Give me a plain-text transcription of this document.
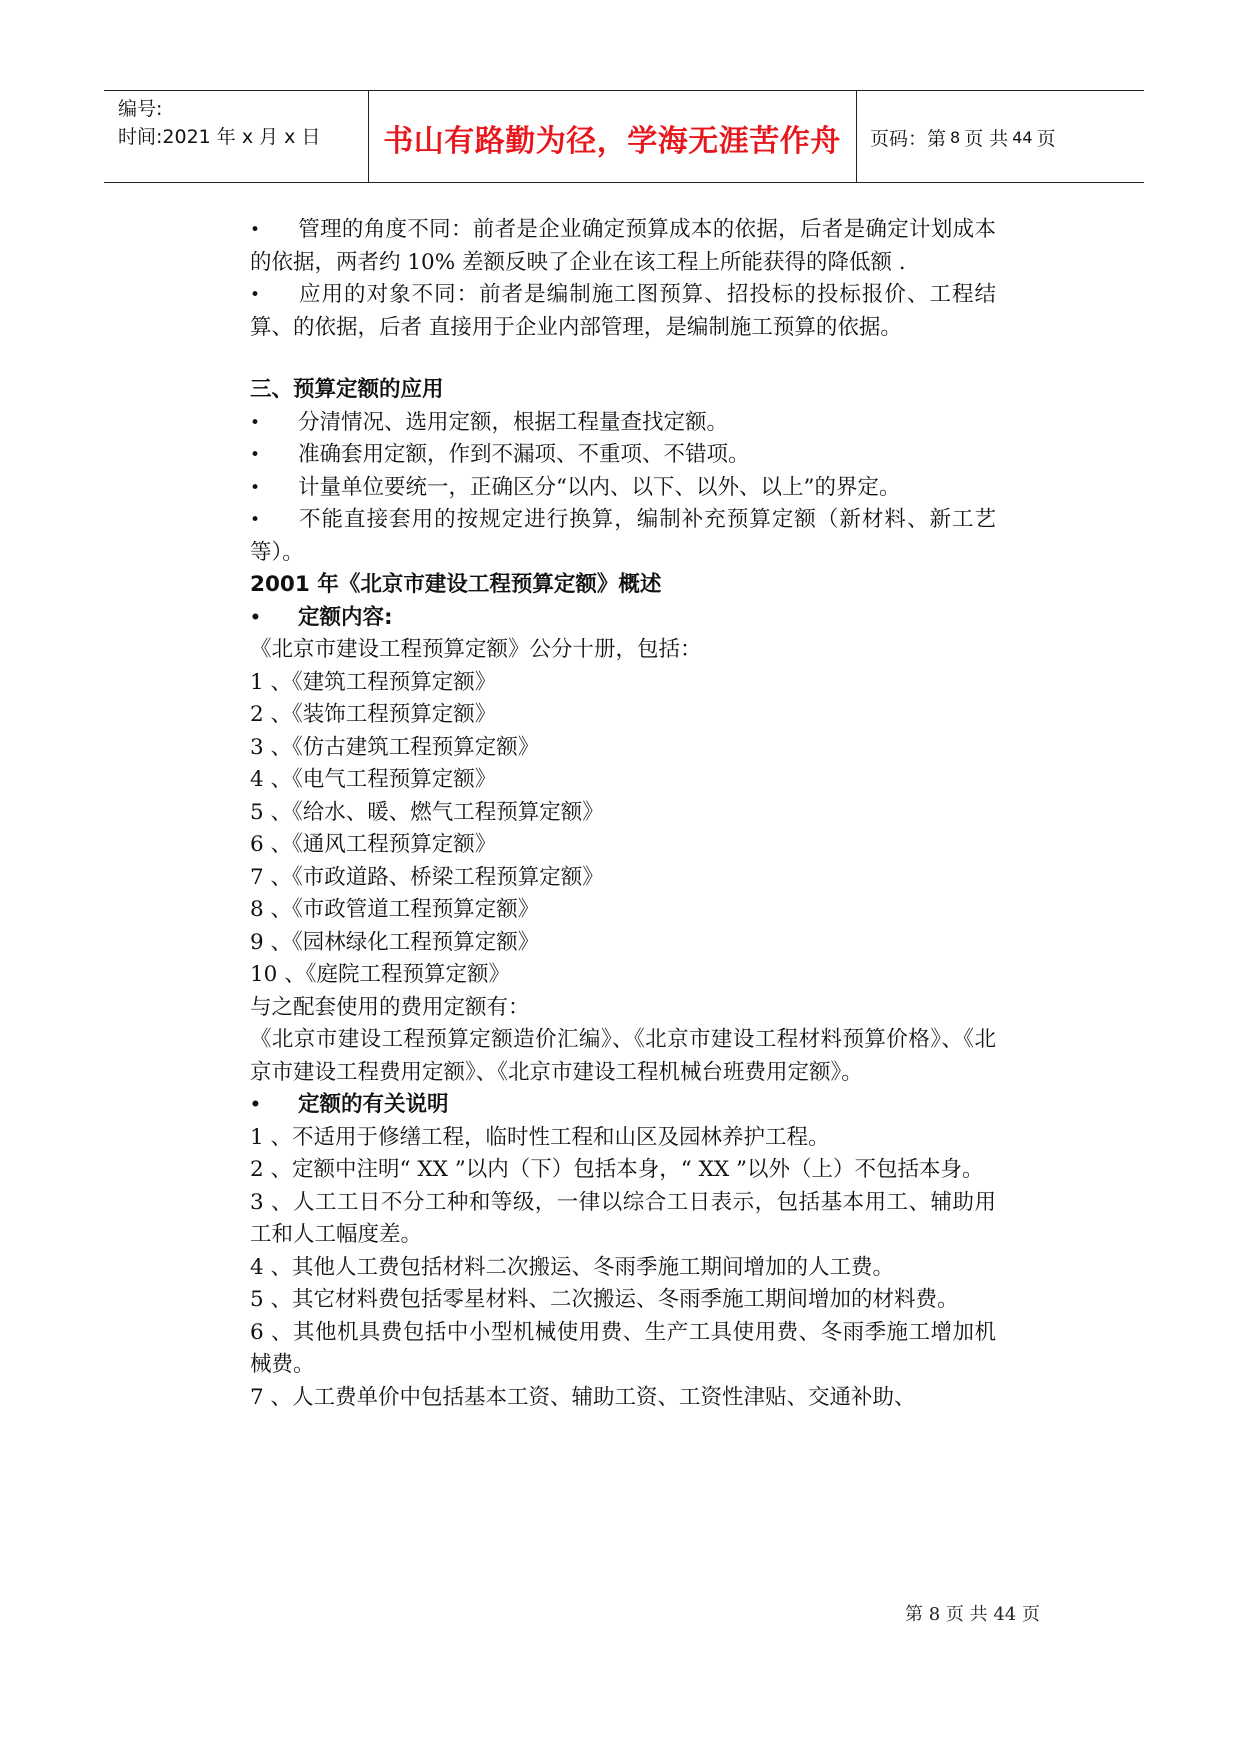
编号:
时间:2021 年 x 月 x 日	书山有路勤为径，学海无涯苦作舟	页码：第 8 页 共 44 页

• 管理的角度不同：前者是企业确定预算成本的依据，后者是确定计划成本的依据，两者约 10% 差额反映了企业在该工程上所能获得的降低额 .

• 应用的对象不同：前者是编制施工图预算、招投标的投标报价、工程结算、的依据，后者 直接用于企业内部管理，是编制施工预算的依据。

三、预算定额的应用

• 分清情况、选用定额，根据工程量查找定额。

• 准确套用定额，作到不漏项、不重项、不错项。

• 计量单位要统一，正确区分“以内、以下、以外、以上”的界定。

• 不能直接套用的按规定进行换算，编制补充预算定额（新材料、新工艺等）。

2001 年《北京市建设工程预算定额》概述

• 定额内容:

《北京市建设工程预算定额》公分十册，包括：

1 、《建筑工程预算定额》

2 、《装饰工程预算定额》

3 、《仿古建筑工程预算定额》

4 、《电气工程预算定额》

5 、《给水、暖、燃气工程预算定额》

6 、《通风工程预算定额》

7 、《市政道路、桥梁工程预算定额》

8 、《市政管道工程预算定额》

9 、《园林绿化工程预算定额》

10 、《庭院工程预算定额》

与之配套使用的费用定额有：

《北京市建设工程预算定额造价汇编》、《北京市建设工程材料预算价格》、《北京市建设工程费用定额》、《北京市建设工程机械台班费用定额》。

• 定额的有关说明

1 、不适用于修缮工程，临时性工程和山区及园林养护工程。

2 、定额中注明“ XX ”以内（下）包括本身，“ XX ”以外（上）不包括本身。

3 、人工工日不分工种和等级，一律以综合工日表示，包括基本用工、辅助用工和人工幅度差。

4 、其他人工费包括材料二次搬运、冬雨季施工期间增加的人工费。

5 、其它材料费包括零星材料、二次搬运、冬雨季施工期间增加的材料费。

6 、其他机具费包括中小型机械使用费、生产工具使用费、冬雨季施工增加机械费。

7 、人工费单价中包括基本工资、辅助工资、工资性津贴、交通补助、

第 8 页 共 44 页
